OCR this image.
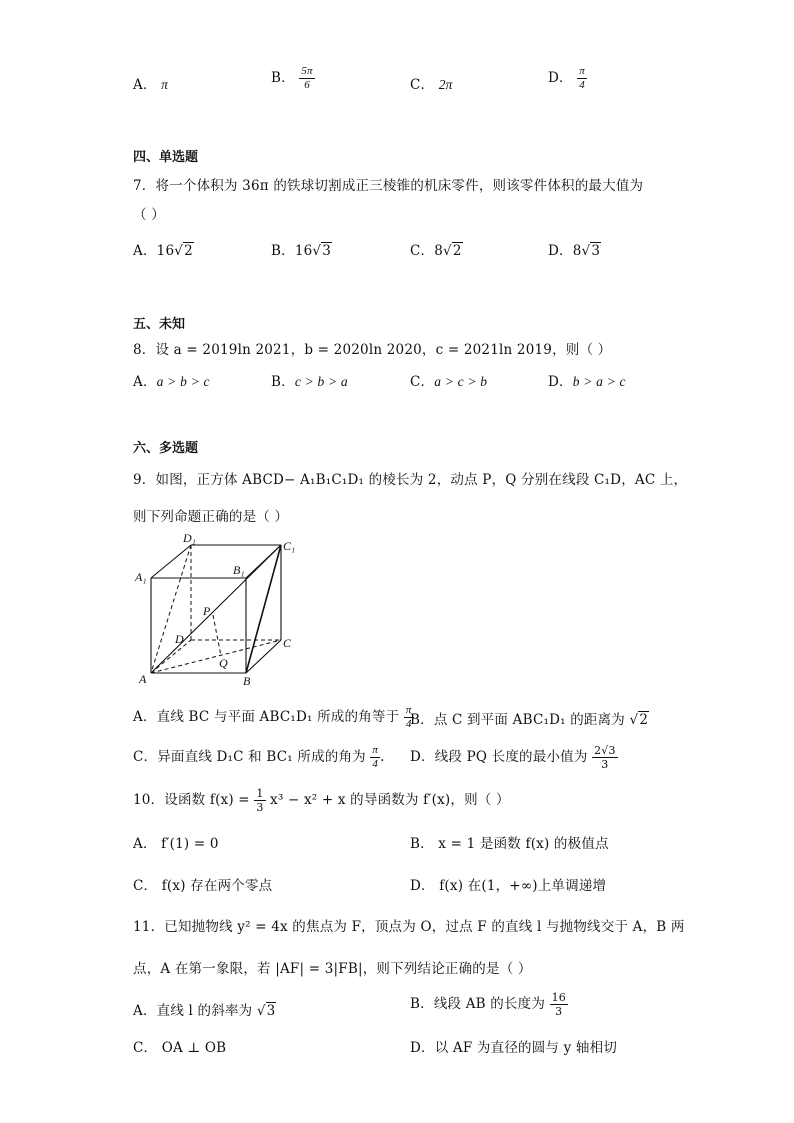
A． π	B． $\frac{5\pi}{6}$	C． 2π	D． $\frac{\pi}{4}$
四、单选题
7．将一个体积为 36π 的铁球切割成正三棱锥的机床零件，则该零件体积的最大值为
（ ）
A．16√2	B．16√3	C．8√2	D．8√3
五、未知
8．设 a = 2019ln 2021，b = 2020ln 2020，c = 2021ln 2019，则（ ）
A．a > b > c	B．c > b > a	C．a > c > b	D．b > a > c
六、多选题
9．如图，正方体 ABCD− A₁B₁C₁D₁ 的棱长为 2，动点 P，Q 分别在线段 C₁D，AC 上，
则下列命题正确的是（ ）
D₁
C₁
A₁	B₁
P
D	C
Q
A	B
A．直线 BC 与平面 ABC₁D₁ 所成的角等于 $\frac{\pi}{4}$
B．点 C 到平面 ABC₁D₁ 的距离为 √2
C．异面直线 D₁C 和 BC₁ 所成的角为 $\frac{\pi}{4}$ . D．线段 PQ 长度的最小值为 $\frac{2√3}{3}$
10．设函数 $f(x) = \frac{1}{3} x^3 - x^2 + x$ 的导函数为 f′(x)，则（ ）
A． f′(1) = 0	B． x = 1 是函数 f(x) 的极值点
C． f(x) 存在两个零点	D． f(x) 在(1，+∞)上单调递增
11．已知抛物线 y² = 4x 的焦点为 F，顶点为 O，过点 F 的直线 l 与抛物线交于 A，B 两
点，A 在第一象限，若 |AF| = 3|FB|，则下列结论正确的是（ ）
A．直线 l 的斜率为 √3	B．线段 AB 的长度为 $\frac{16}{3}$
C． OA ⊥ OB	D．以 AF 为直径的圆与 y 轴相切
